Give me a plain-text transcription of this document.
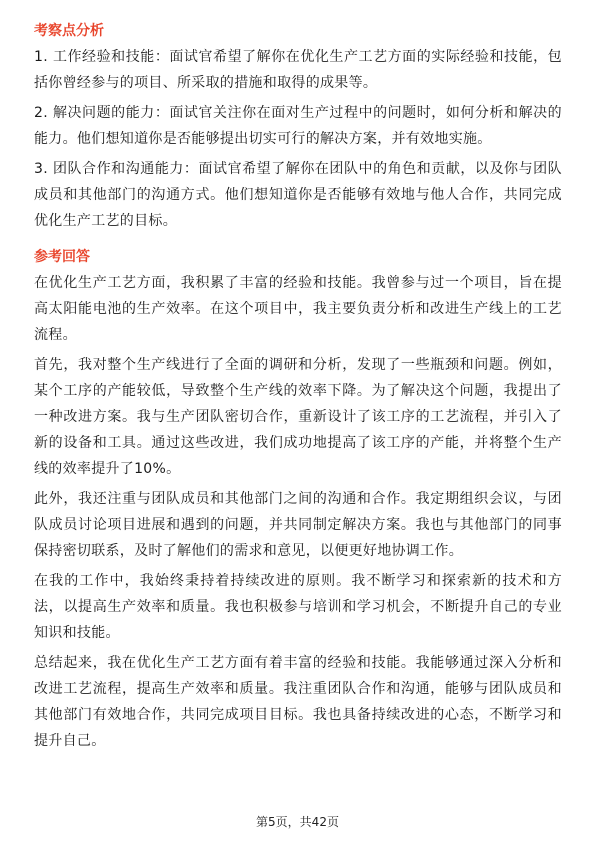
考察点分析

1. 工作经验和技能：面试官希望了解你在优化生产工艺方面的实际经验和技能，包括你曾经参与的项目、所采取的措施和取得的成果等。

2. 解决问题的能力：面试官关注你在面对生产过程中的问题时，如何分析和解决的能力。他们想知道你是否能够提出切实可行的解决方案，并有效地实施。

3. 团队合作和沟通能力：面试官希望了解你在团队中的角色和贡献，以及你与团队成员和其他部门的沟通方式。他们想知道你是否能够有效地与他人合作，共同完成优化生产工艺的目标。

参考回答

在优化生产工艺方面，我积累了丰富的经验和技能。我曾参与过一个项目，旨在提高太阳能电池的生产效率。在这个项目中，我主要负责分析和改进生产线上的工艺流程。

首先，我对整个生产线进行了全面的调研和分析，发现了一些瓶颈和问题。例如，某个工序的产能较低，导致整个生产线的效率下降。为了解决这个问题，我提出了一种改进方案。我与生产团队密切合作，重新设计了该工序的工艺流程，并引入了新的设备和工具。通过这些改进，我们成功地提高了该工序的产能，并将整个生产线的效率提升了10%。

此外，我还注重与团队成员和其他部门之间的沟通和合作。我定期组织会议，与团队成员讨论项目进展和遇到的问题，并共同制定解决方案。我也与其他部门的同事保持密切联系，及时了解他们的需求和意见，以便更好地协调工作。

在我的工作中，我始终秉持着持续改进的原则。我不断学习和探索新的技术和方法，以提高生产效率和质量。我也积极参与培训和学习机会，不断提升自己的专业知识和技能。

总结起来，我在优化生产工艺方面有着丰富的经验和技能。我能够通过深入分析和改进工艺流程，提高生产效率和质量。我注重团队合作和沟通，能够与团队成员和其他部门有效地合作，共同完成项目目标。我也具备持续改进的心态，不断学习和提升自己。

第5页，共42页
